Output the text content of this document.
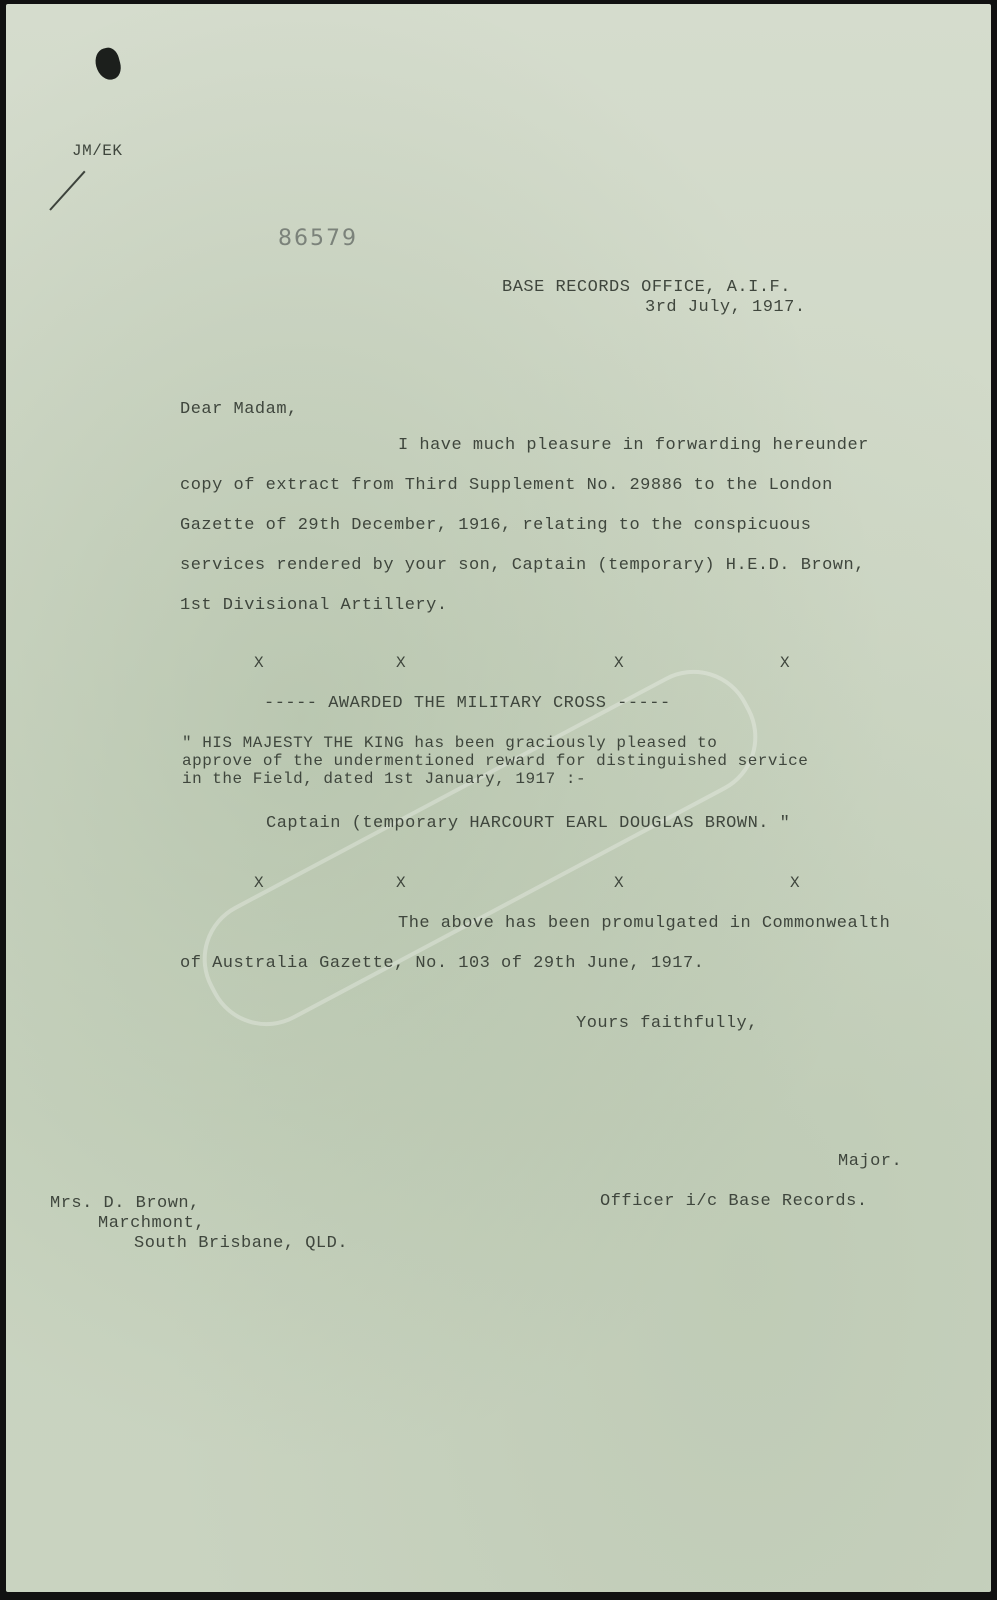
JM/EK
86579
BASE RECORDS OFFICE, A.I.F.
3rd July, 1917.
Dear Madam,
I have much pleasure in forwarding hereunder
copy of extract from Third Supplement No. 29886 to the London
Gazette of 29th December, 1916, relating to the conspicuous
services rendered by your son, Captain (temporary) H.E.D. Brown,
1st Divisional Artillery.
X	X	X	X
----- AWARDED THE MILITARY CROSS -----
" HIS MAJESTY THE KING has been graciously pleased to
approve of the undermentioned reward for distinguished service
in the Field, dated 1st January, 1917 :-
Captain (temporary HARCOURT EARL DOUGLAS BROWN. "
X	X	X	X
The above has been promulgated in Commonwealth
of Australia Gazette, No. 103 of 29th June, 1917.
Yours faithfully,
Major.
Officer i/c Base Records.
Mrs. D. Brown,
Marchmont,
South Brisbane, QLD.
